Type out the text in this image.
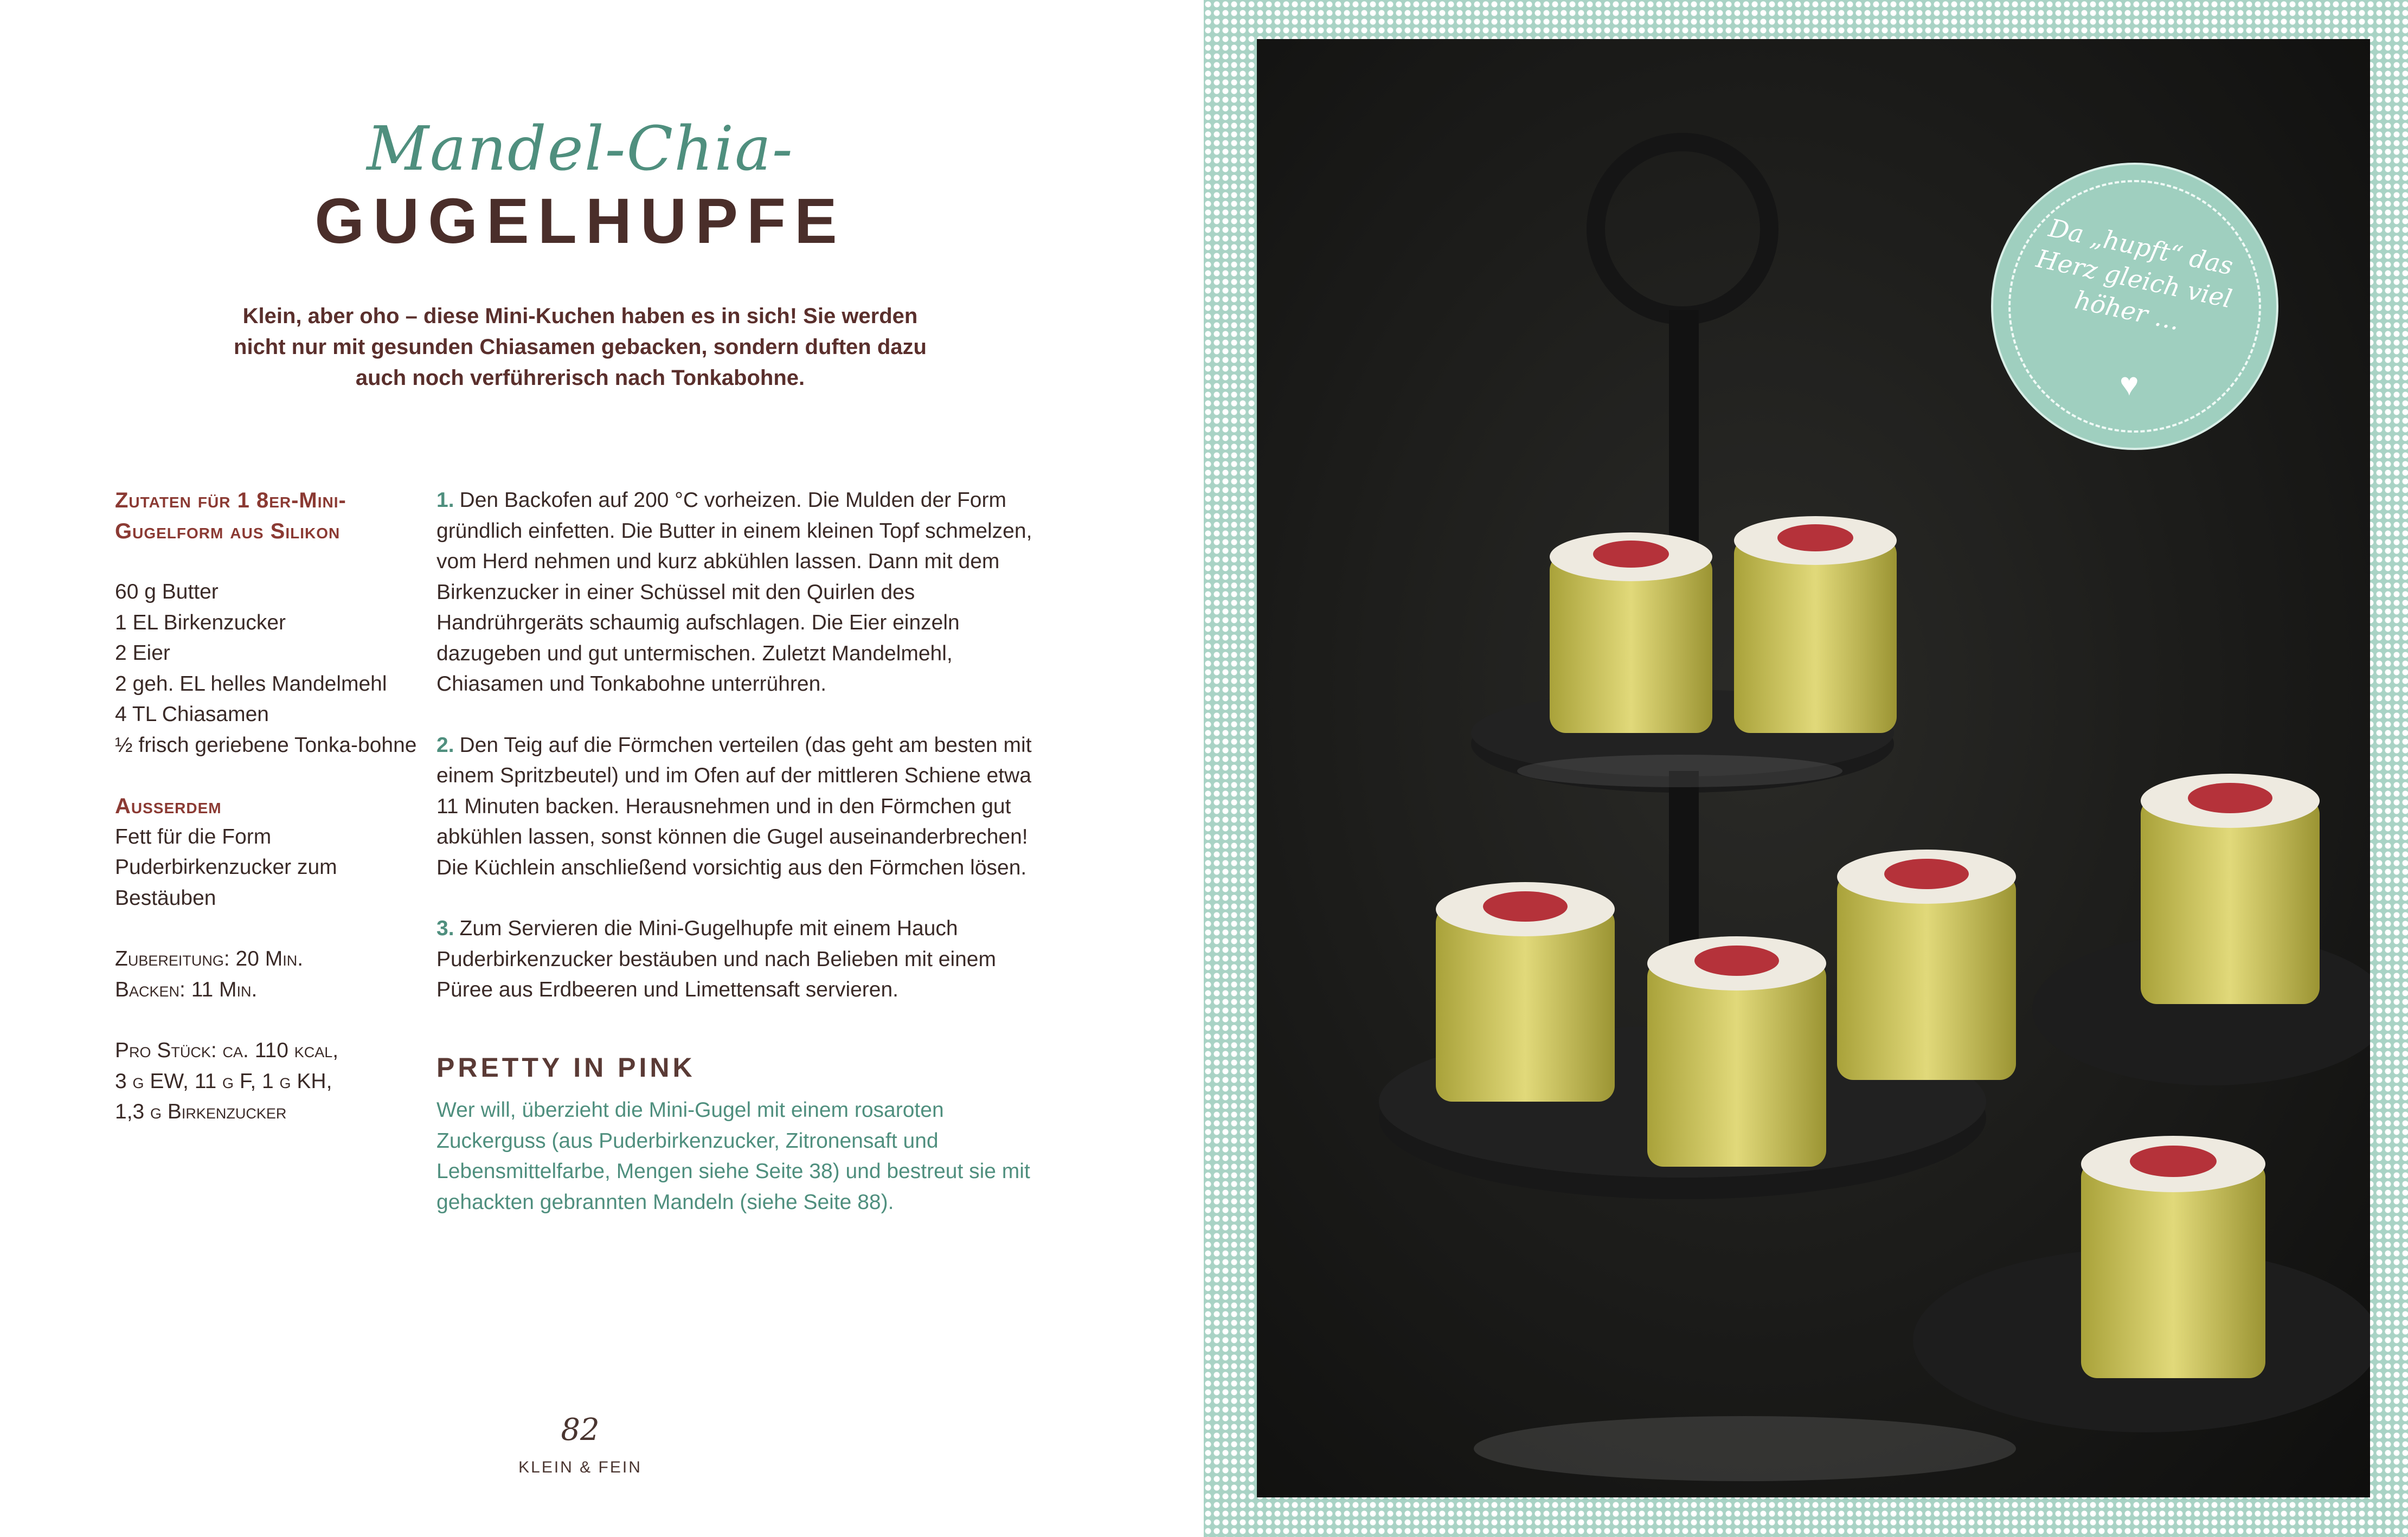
Mandel-Chia-
GUGELHUPFE
Klein, aber oho – diese Mini-Kuchen haben es in sich! Sie werden nicht nur mit gesunden Chiasamen gebacken, sondern duften dazu auch noch verführerisch nach Tonkabohne.
Zutaten für 1 8er-Mini-Gugelform aus Silikon
60 g Butter
1 EL Birkenzucker
2 Eier
2 geh. EL helles Mandelmehl
4 TL Chiasamen
½ frisch geriebene Tonka-bohne
Ausserdem
Fett für die Form
Puderbirkenzucker zum Bestäuben
Zubereitung: 20 Min.
Backen: 11 Min.
Pro Stück: ca. 110 kcal,
3 g EW, 11 g F, 1 g KH,
1,3 g Birkenzucker
1. Den Backofen auf 200 °C vorheizen. Die Mulden der Form gründlich einfetten. Die Butter in einem kleinen Topf schmelzen, vom Herd nehmen und kurz abkühlen lassen. Dann mit dem Birkenzucker in einer Schüssel mit den Quirlen des Handrührgeräts schaumig aufschlagen. Die Eier einzeln dazugeben und gut untermischen. Zuletzt Mandelmehl, Chiasamen und Tonkabohne unterrühren.
2. Den Teig auf die Förmchen verteilen (das geht am besten mit einem Spritzbeutel) und im Ofen auf der mittleren Schiene etwa 11 Minuten backen. Herausnehmen und in den Förmchen gut abkühlen lassen, sonst können die Gugel auseinanderbrechen! Die Küchlein anschließend vorsichtig aus den Förmchen lösen.
3. Zum Servieren die Mini-Gugelhupfe mit einem Hauch Puderbirkenzucker bestäuben und nach Belieben mit einem Püree aus Erdbeeren und Limettensaft servieren.
PRETTY IN PINK
Wer will, überzieht die Mini-Gugel mit einem rosaroten Zuckerguss (aus Puderbirkenzucker, Zitronensaft und Lebensmittelfarbe, Mengen siehe Seite 38) und bestreut sie mit gehackten gebrannten Mandeln (siehe Seite 88).
82
KLEIN & FEIN
Da „hupft“ das Herz gleich viel höher …
♥
